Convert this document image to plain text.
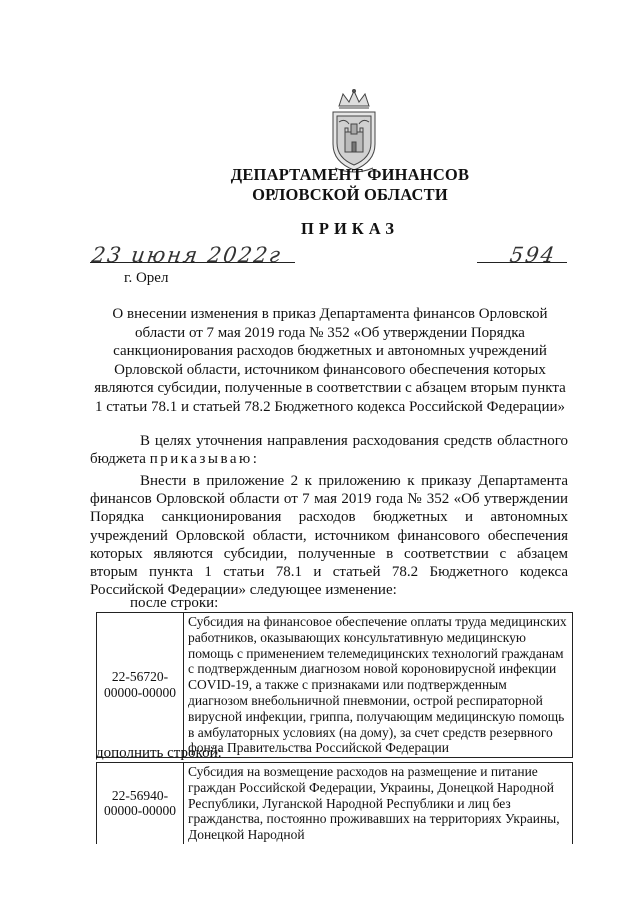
ДЕПАРТАМЕНТ ФИНАНСОВ
ОРЛОВСКОЙ ОБЛАСТИ
ПРИКАЗ
23 июня 2022г	594
г. Орел
О внесении изменения в приказ Департамента финансов Орловской области от 7 мая 2019 года № 352 «Об утверждении Порядка санкционирования расходов бюджетных и автономных учреждений Орловской области, источником финансового обеспечения которых являются субсидии, полученные в соответствии с абзацем вторым пункта 1 статьи 78.1 и статьей 78.2 Бюджетного кодекса Российской Федерации»
В целях уточнения направления расходования средств областного бюджета приказываю:
Внести в приложение 2 к приложению к приказу Департамента финансов Орловской области от 7 мая 2019 года № 352 «Об утверждении Порядка санкционирования расходов бюджетных и автономных учреждений Орловской области, источником финансового обеспечения которых являются субсидии, полученные в соответствии с абзацем вторым пункта 1 статьи 78.1 и статьей 78.2 Бюджетного кодекса Российской Федерации» следующее изменение:
после строки:
22-56720-00000-00000	Субсидия на финансовое обеспечение оплаты труда медицинских работников, оказывающих консультативную медицинскую помощь с применением телемедицинских технологий гражданам с подтвержденным диагнозом новой короновирусной инфекции COVID-19, а также с признаками или подтвержденным диагнозом внебольничной пневмонии, острой респираторной вирусной инфекции, гриппа, получающим медицинскую помощь в амбулаторных условиях (на дому), за счет средств резервного фонда Правительства Российской Федерации
дополнить строкой:
22-56940-00000-00000	Субсидия на возмещение расходов на размещение и питание граждан Российской Федерации, Украины, Донецкой Народной Республики, Луганской Народной Республики и лиц без гражданства, постоянно проживавших на территориях Украины, Донецкой Народной
